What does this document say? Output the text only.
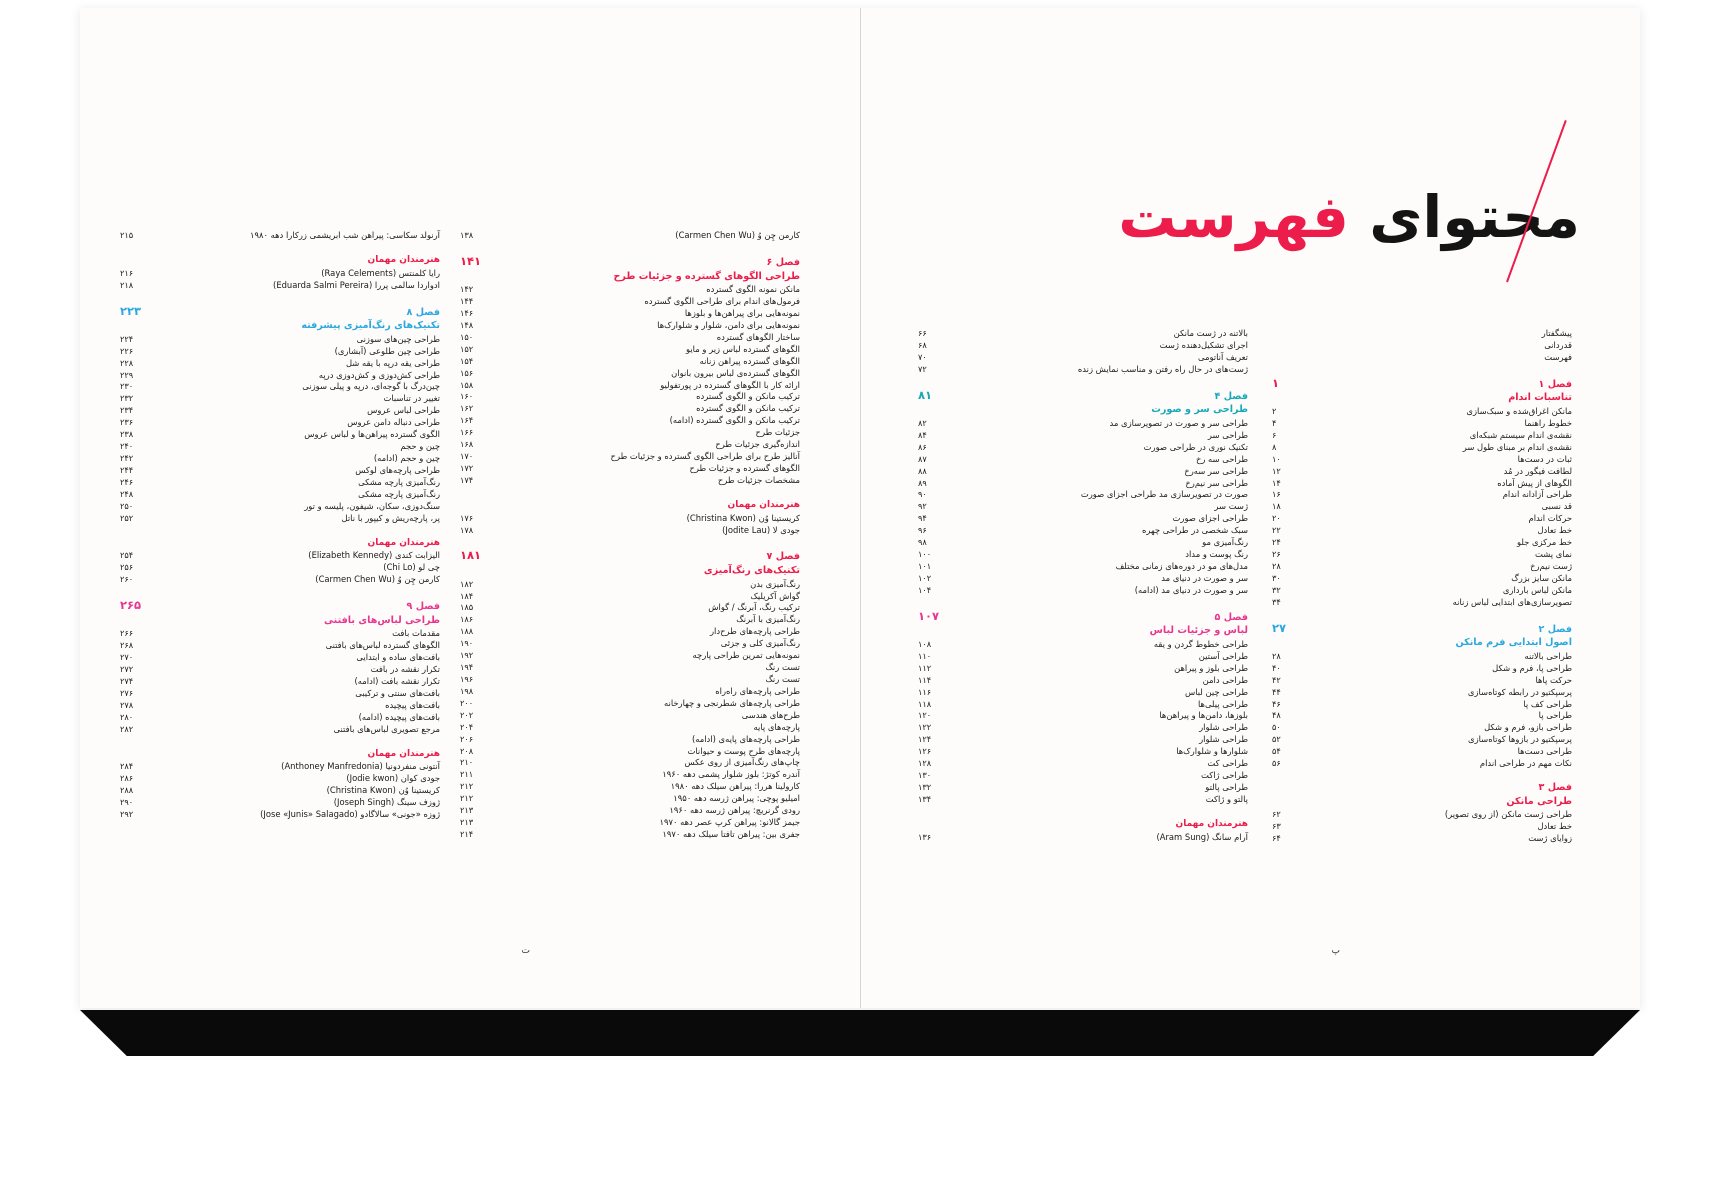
محتوای فهرست
پیشگفتار
قدردانی
فهرست
فصل ۱
۱
تناسبات اندام
مانکن اغراق‌شده و سبک‌سازی
۲
خطوط راهنما
۴
نقشه‌ی اندام سیستم شبکه‌ای
۶
نقشه‌ی اندام بر مبنای طول سر
۸
ثبات در دست‌ها
۱۰
لطافت فیگور در مُد
۱۲
الگوهای از پیش آماده
۱۴
طراحی آزادانه اندام
۱۶
قد نسبی
۱۸
حرکات اندام
۲۰
خط تعادل
۲۲
خط مرکزی جلو
۲۴
نمای پشت
۲۶
ژست نیم‌رخ
۲۸
مانکن سایز بزرگ
۳۰
مانکن لباس بارداری
۳۲
تصویرسازی‌های ابتدایی لباس زنانه
۳۴
فصل ۲
۲۷
اصول ابتدایی فرم مانکن
طراحی بالاتنه
۲۸
طراحی پا، فرم و شکل
۴۰
حرکت پاها
۴۲
پرسپکتیو در رابطه کوتاه‌سازی
۴۴
طراحی کف پا
۴۶
طراحی پا
۴۸
طراحی بازو، فرم و شکل
۵۰
پرسپکتیو در بازوها کوتاه‌سازی
۵۲
طراحی دست‌ها
۵۴
نکات مهم در طراحی اندام
۵۶
فصل ۳
طراحی مانکن
طراحی ژست مانکن (از روی تصویر)
۶۲
خط تعادل
۶۳
زوایای ژست
۶۴
بالاتنه در ژست مانکن
۶۶
اجرای تشکیل‌دهنده ژست
۶۸
تعریف آناتومی
۷۰
ژست‌های در حال راه رفتن و مناسب نمایش زنده
۷۲
فصل ۴
۸۱
طراحی سر و صورت
طراحی سر و صورت در تصویرسازی مد
۸۲
طراحی سر
۸۴
تکنیک نوری در طراحی صورت
۸۶
طراحی سه رخ
۸۷
طراحی سر سه‌رخ
۸۸
طراحی سر نیم‌رخ
۸۹
صورت در تصویرسازی مد طراحی اجزای صورت
۹۰
ژست سر
۹۲
طراحی اجزای صورت
۹۴
سبک شخصی در طراحی چهره
۹۶
رنگ‌آمیزی مو
۹۸
رنگ پوست و مداد
۱۰۰
مدل‌های مو در دوره‌های زمانی مختلف
۱۰۱
سر و صورت در دنیای مد
۱۰۲
سر و صورت در دنیای مد (ادامه)
۱۰۴
فصل ۵
۱۰۷
لباس و جزئیات لباس
طراحی خطوط گردن و یقه
۱۰۸
طراحی آستین
۱۱۰
طراحی بلوز و پیراهن
۱۱۲
طراحی دامن
۱۱۴
طراحی چین لباس
۱۱۶
طراحی پیلی‌ها
۱۱۸
بلوزها، دامن‌ها و پیراهن‌ها
۱۲۰
طراحی شلوار
۱۲۲
طراحی شلوار
۱۲۴
شلوارها و شلوارک‌ها
۱۲۶
طراحی کت
۱۲۸
طراحی ژاکت
۱۳۰
طراحی پالتو
۱۳۲
پالتو و ژاکت
۱۳۴
هنرمندان مهمان
آرام سانگ (Aram Sung)
۱۳۶
پ
کارمن چِن وُ (Carmen Chen Wu)
۱۳۸
فصل ۶
۱۴۱
طراحی الگوهای گسترده و جزئیات طرح
مانکن نمونه الگوی گسترده
۱۴۲
فرمول‌های اندام برای طراحی الگوی گسترده
۱۴۴
نمونه‌هایی برای پیراهن‌ها و بلوزها
۱۴۶
نمونه‌هایی برای دامن، شلوار و شلوارک‌ها
۱۴۸
ساختار الگوهای گسترده
۱۵۰
الگوهای گسترده لباس زیر و مایو
۱۵۲
الگوهای گسترده پیراهن زنانه
۱۵۴
الگوهای گسترده‌ی لباس بیرون بانوان
۱۵۶
ارائه کار با الگوهای گسترده در پورتفولیو
۱۵۸
ترکیب مانکن و الگوی گسترده
۱۶۰
ترکیب مانکن و الگوی گسترده
۱۶۲
ترکیب مانکن و الگوی گسترده (ادامه)
۱۶۴
جزئیات طرح
۱۶۶
اندازه‌گیری جزئیات طرح
۱۶۸
آنالیز طرح برای طراحی الگوی گسترده و جزئیات طرح
۱۷۰
الگوهای گسترده و جزئیات طرح
۱۷۲
مشخصات جزئیات طرح
۱۷۴
هنرمندان مهمان
کریستینا وُن (Christina Kwon)
۱۷۶
جودی لا (Jodite Lau)
۱۷۸
فصل ۷
۱۸۱
تکنیک‌های رنگ‌آمیزی
رنگ‌آمیزی بدن
۱۸۲
گواش آکریلیک
۱۸۴
ترکیب رنگ، آبرنگ / گواش
۱۸۵
رنگ‌آمیزی با آبرنگ
۱۸۶
طراحی پارچه‌های طرح‌دار
۱۸۸
رنگ‌آمیزی کلی و جزئی
۱۹۰
نمونه‌هایی تمرین طراحی پارچه
۱۹۲
تست رنگ
۱۹۴
تست رنگ
۱۹۶
طراحی پارچه‌های راه‌راه
۱۹۸
طراحی پارچه‌های شطرنجی و چهارخانه
۲۰۰
طرح‌های هندسی
۲۰۲
پارچه‌های پایه
۲۰۴
طراحی پارچه‌های پایه‌ی (ادامه)
۲۰۶
پارچه‌های طرح پوست و حیوانات
۲۰۸
چاپ‌های رنگ‌آمیزی از روی عکس
۲۱۰
آندره کوتژ: بلوز شلوار پشمی دهه ۱۹۶۰
۲۱۱
کارولینا هررا: پیراهن سیلک دهه ۱۹۸۰
۲۱۲
امیلیو پوچی: پیراهن ژرسه دهه ۱۹۵۰
۲۱۲
رودی گرنریچ: پیراهن ژرسه دهه ۱۹۶۰
۲۱۳
جیمز گالانو: پیراهن کرپ عصر دهه ۱۹۷۰
۲۱۳
جفری بین: پیراهن تافتا سیلک دهه ۱۹۷۰
۲۱۴
آرنولد سکاسی: پیراهن شب ابریشمی زرکارا دهه ۱۹۸۰
۲۱۵
هنرمندان مهمان
رایا کلمنتس (Raya Celements)
۲۱۶
ادواردا سالمی پررا (Eduarda Salmi Pereira)
۲۱۸
فصل ۸
۲۲۳
تکنیک‌های رنگ‌آمیزی پیشرفته
طراحی چین‌های سوزنی
۲۲۴
طراحی چین طلوعی (آبشاری)
۲۲۶
طراحی یقه درپه با یقه شل
۲۲۸
طراحی کش‌دوزی و کش‌دوزی درپه
۲۲۹
چین‌درگ با گوجه‌ای، درپه و پیلی سوزنی
۲۳۰
تغییر در تناسبات
۲۳۲
طراحی لباس عروس
۲۳۴
طراحی دنباله دامن عروس
۲۳۶
الگوی گسترده پیراهن‌ها و لباس عروس
۲۳۸
چین و حجم
۲۴۰
چین و حجم (ادامه)
۲۴۲
طراحی پارچه‌های لوکس
۲۴۴
رنگ‌آمیزی پارچه مشکی
۲۴۶
رنگ‌آمیزی پارچه مشکی
۲۴۸
سنگ‌دوزی، سکان، شیفون، پلیسه و تور
۲۵۰
پر، پارچه‌ریش و کیپور با ناتل
۲۵۲
هنرمندان مهمان
الیزابت کندی (Elizabeth Kennedy)
۲۵۴
چی لو (Chi Lo)
۲۵۶
کارمن چِن وُ (Carmen Chen Wu)
۲۶۰
فصل ۹
۲۶۵
طراحی لباس‌های بافتنی
مقدمات بافت
۲۶۶
الگوهای گسترده لباس‌های بافتنی
۲۶۸
بافت‌های ساده و ابتدایی
۲۷۰
تکرار نقشه در بافت
۲۷۲
تکرار نقشه بافت (ادامه)
۲۷۴
بافت‌های سنتی و ترکیبی
۲۷۶
بافت‌های پیچیده
۲۷۸
بافت‌های پیچیده (ادامه)
۲۸۰
مرجع تصویری لباس‌های بافتنی
۲۸۲
هنرمندان مهمان
آنتونی منفردونیا (Anthoney Manfredonia)
۲۸۴
جودی کوان (Jodie kwon)
۲۸۶
کریستینا وُن (Christina Kwon)
۲۸۸
ژوزف سینگ (Joseph Singh)
۲۹۰
ژوزه «جونی» سالاگادو (Jose «Junis» Salagado)
۲۹۲
ت
